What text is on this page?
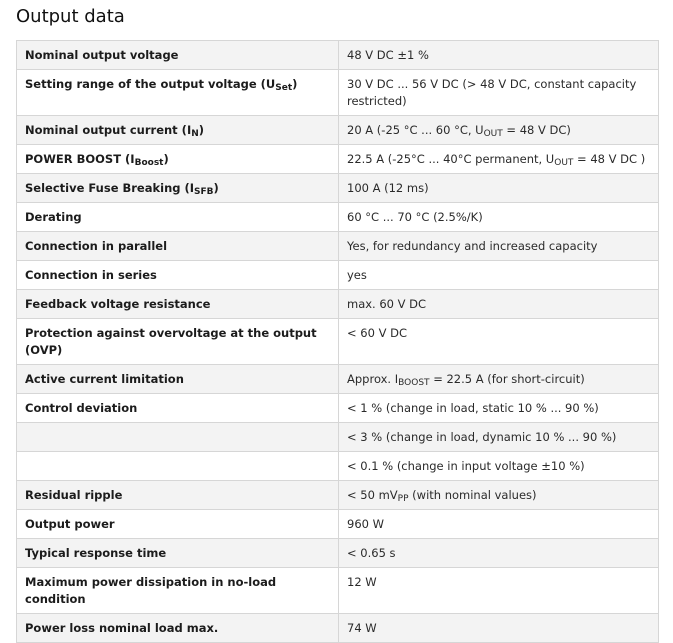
Output data
Nominal output voltage	48 V DC ±1 %
Setting range of the output voltage $(U_{Set})$	30 V DC ... 56 V DC (> 48 V DC, constant capacity restricted)
Nominal output current $(I_N)$	20 A (-25 °C ... 60 °C, $U_{OUT} = 48$ V DC)
POWER BOOST $(I_{Boost})$	22.5 A (-25°C ... 40°C permanent, $U_{OUT} = 48$ V DC )
Selective Fuse Breaking $(I_{SFB})$	100 A (12 ms)
Derating	60 °C ... 70 °C (2.5%/K)
Connection in parallel	Yes, for redundancy and increased capacity
Connection in series	yes
Feedback voltage resistance	max. 60 V DC
Protection against overvoltage at the output (OVP)	< 60 V DC
Active current limitation	Approx. $I_{BOOST} = 22.5$ A (for short-circuit)
Control deviation	< 1 % (change in load, static 10 % ... 90 %)
	< 3 % (change in load, dynamic 10 % ... 90 %)
	< 0.1 % (change in input voltage ±10 %)
Residual ripple	< 50 $mV_{PP}$ (with nominal values)
Output power	960 W
Typical response time	< 0.65 s
Maximum power dissipation in no-load condition	12 W
Power loss nominal load max.	74 W
